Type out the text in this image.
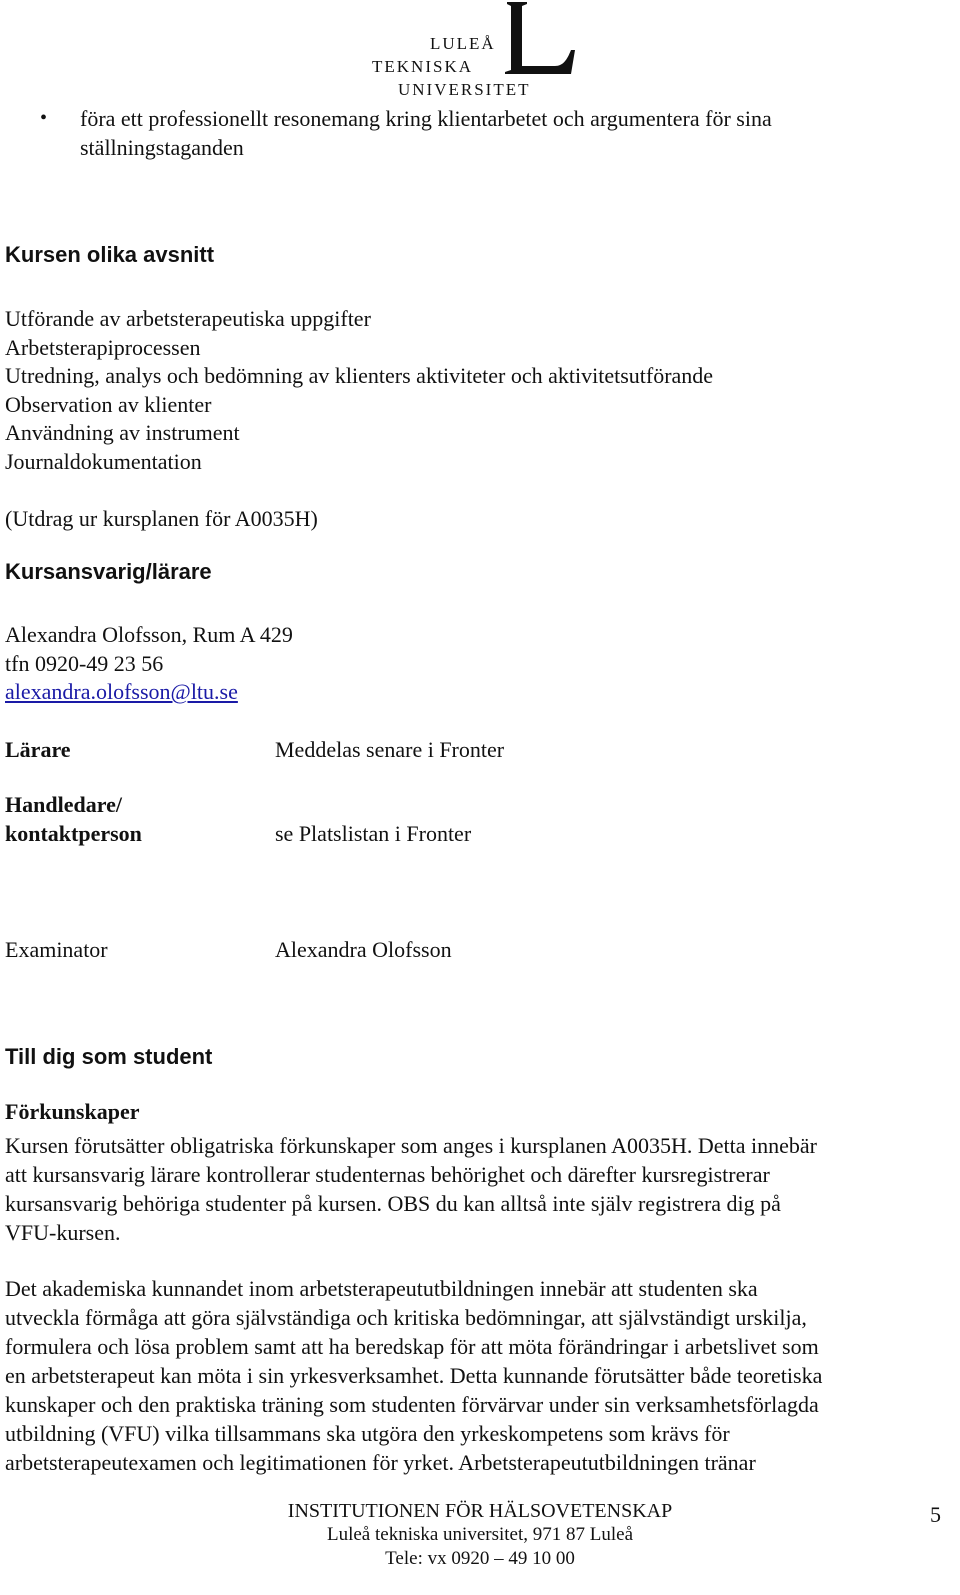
LULEÅ
TEKNISKA
UNIVERSITET
• föra ett professionellt resonemang kring klientarbetet och argumentera för sina
ställningstaganden
Kursen olika avsnitt
Utförande av arbetsterapeutiska uppgifter
Arbetsterapiprocessen
Utredning, analys och bedömning av klienters aktiviteter och aktivitetsutförande
Observation av klienter
Användning av instrument
Journaldokumentation
(Utdrag ur kursplanen för A0035H)
Kursansvarig/lärare
Alexandra Olofsson, Rum A 429
tfn 0920-49 23 56
alexandra.olofsson@ltu.se
Lärare	Meddelas senare i Fronter
Handledare/
kontaktperson	se Platslistan i Fronter
Examinator	Alexandra Olofsson
Till dig som student
Förkunskaper
Kursen förutsätter obligatriska förkunskaper som anges i kursplanen A0035H. Detta innebär
att kursansvarig lärare kontrollerar studenternas behörighet och därefter kursregistrerar
kursansvarig behöriga studenter på kursen. OBS du kan alltså inte själv registrera dig på
VFU-kursen.
Det akademiska kunnandet inom arbetsterapeututbildningen innebär att studenten ska
utveckla förmåga att göra självständiga och kritiska bedömningar, att självständigt urskilja,
formulera och lösa problem samt att ha beredskap för att möta förändringar i arbetslivet som
en arbetsterapeut kan möta i sin yrkesverksamhet. Detta kunnande förutsätter både teoretiska
kunskaper och den praktiska träning som studenten förvärvar under sin verksamhetsförlagda
utbildning (VFU) vilka tillsammans ska utgöra den yrkeskompetens som krävs för
arbetsterapeutexamen och legitimationen för yrket. Arbetsterapeututbildningen tränar
INSTITUTIONEN FÖR HÄLSOVETENSKAP
Luleå tekniska universitet, 971 87 Luleå
Tele: vx 0920 – 49 10 00
5
